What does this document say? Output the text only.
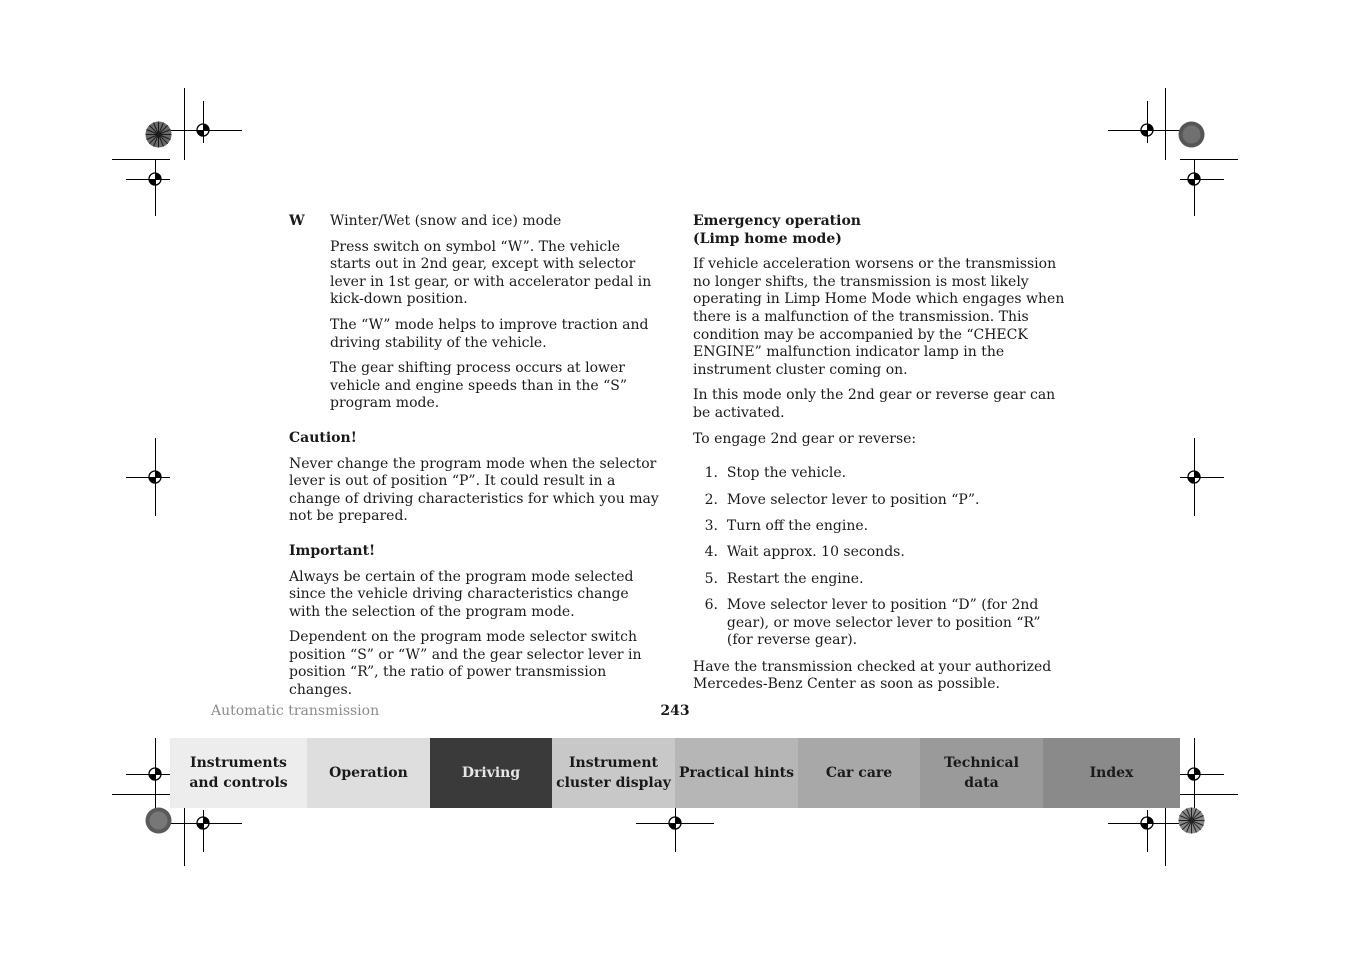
W	Winter/Wet (snow and ice) mode

Press switch on symbol “W”. The vehicle starts out in 2nd gear, except with selector lever in 1st gear, or with accelerator pedal in kick-down position.

The “W” mode helps to improve traction and driving stability of the vehicle.

The gear shifting process occurs at lower vehicle and engine speeds than in the “S” program mode.

Caution!

Never change the program mode when the selector lever is out of position “P”. It could result in a change of driving characteristics for which you may not be prepared.

Important!

Always be certain of the program mode selected since the vehicle driving characteristics change with the selection of the program mode.

Dependent on the program mode selector switch position “S” or “W” and the gear selector lever in position “R”, the ratio of power transmission changes.

Emergency operation

(Limp home mode)

If vehicle acceleration worsens or the transmission no longer shifts, the transmission is most likely operating in Limp Home Mode which engages when there is a malfunction of the transmission. This condition may be accompanied by the “CHECK ENGINE” malfunction indicator lamp in the instrument cluster coming on.

In this mode only the 2nd gear or reverse gear can be activated.

To engage 2nd gear or reverse:

1.
Stop the vehicle.
2.
Move selector lever to position “P”.
3.
Turn off the engine.
4.
Wait approx. 10 seconds.
5.
Restart the engine.
6.
Move selector lever to position “D” (for 2nd gear), or move selector lever to position “R” (for reverse gear).

Have the transmission checked at your authorized Mercedes-Benz Center as soon as possible.

Automatic transmission	243
Instruments
and controls
Operation	Driving
Instrument
cluster display
Practical hints Car care
Technical
data
Index
